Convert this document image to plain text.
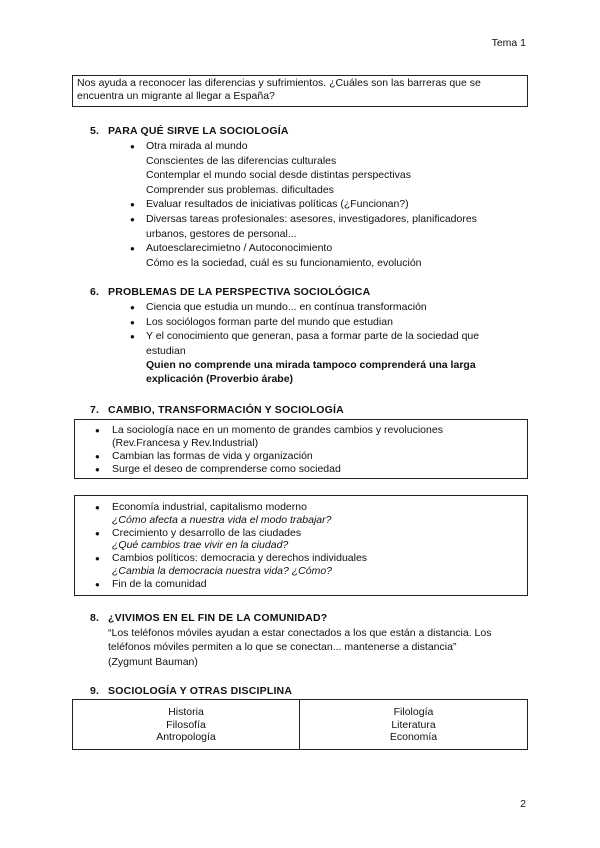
Tema 1
Nos ayuda a reconocer las diferencias y sufrimientos. ¿Cuáles son las barreras que se
encuentra un migrante al llegar a España?
5. PARA QUÉ SIRVE LA SOCIOLOGÍA
● Otra mirada al mundo
Conscientes de las diferencias culturales
Contemplar el mundo social desde distintas perspectivas
Comprender sus problemas. dificultades
● Evaluar resultados de iniciativas políticas (¿Funcionan?)
● Diversas tareas profesionales: asesores, investigadores, planificadores
urbanos, gestores de personal...
● Autoesclarecimietno / Autoconocimiento
Cómo es la sociedad, cuál es su funcionamiento, evolución
6. PROBLEMAS DE LA PERSPECTIVA SOCIOLÓGICA
● Ciencia que estudia un mundo... en contínua transformación
● Los sociólogos forman parte del mundo que estudian
● Y el conocimiento que generan, pasa a formar parte de la sociedad que
estudian
Quien no comprende una mirada tampoco comprenderá una larga
explicación (Proverbio árabe)
7. CAMBIO, TRANSFORMACIÓN Y SOCIOLOGÍA
● La sociología nace en un momento de grandes cambios y revoluciones
(Rev.Francesa y Rev.Industrial)
● Cambian las formas de vida y organización
● Surge el deseo de comprenderse como sociedad
● Economía industrial, capitalismo moderno
¿Cómo afecta a nuestra vida el modo trabajar?
● Crecimiento y desarrollo de las ciudades
¿Qué cambios trae vivir en la ciudad?
● Cambios políticos: democracia y derechos individuales
¿Cambia la democracia nuestra vida? ¿Cómo?
● Fin de la comunidad
8. ¿VIVIMOS EN EL FIN DE LA COMUNIDAD?
“Los teléfonos móviles ayudan a estar conectados a los que están a distancia. Los
teléfonos móviles permiten a lo que se conectan... mantenerse a distancia”
(Zygmunt Bauman)
9. SOCIOLOGÍA Y OTRAS DISCIPLINA
Historia
Filosofía
Antropología
Filología
Literatura
Economía
2
